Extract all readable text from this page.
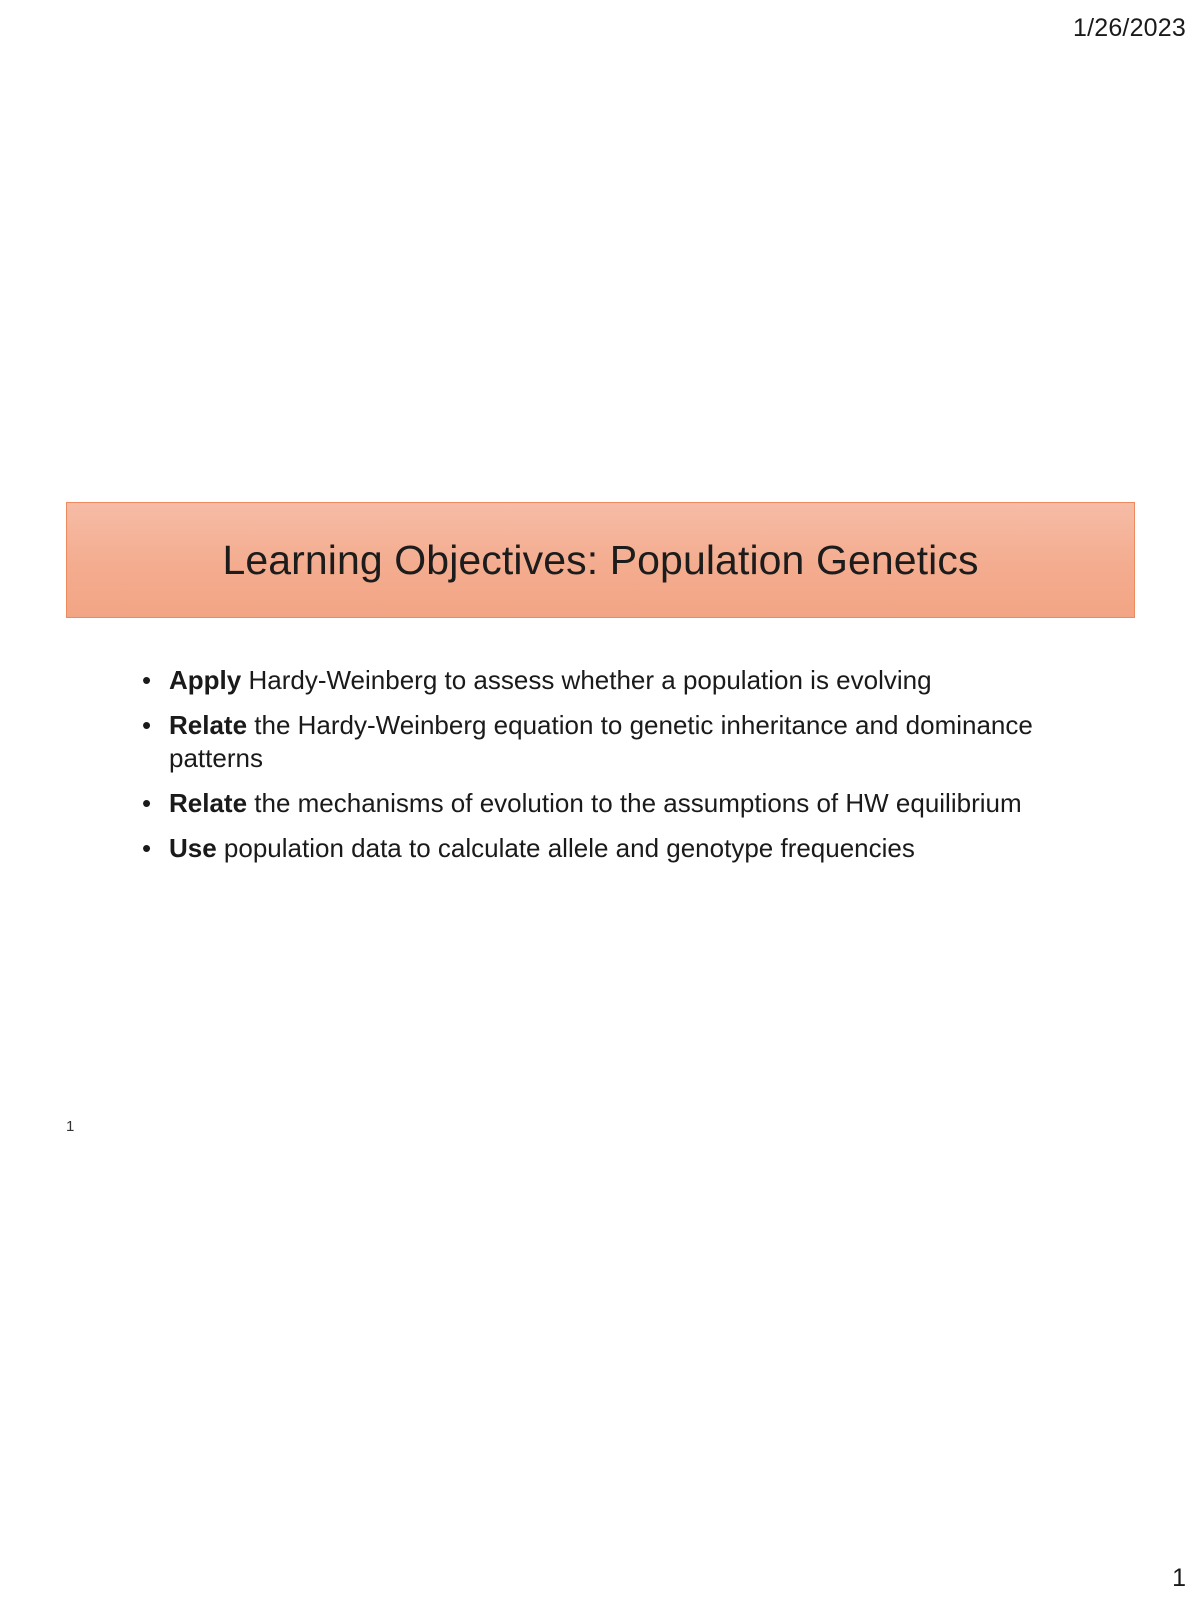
1/26/2023
Learning Objectives: Population Genetics
• Apply Hardy-Weinberg to assess whether a population is evolving
• Relate the Hardy-Weinberg equation to genetic inheritance and dominance patterns
• Relate the mechanisms of evolution to the assumptions of HW equilibrium
• Use population data to calculate allele and genotype frequencies
1
1
